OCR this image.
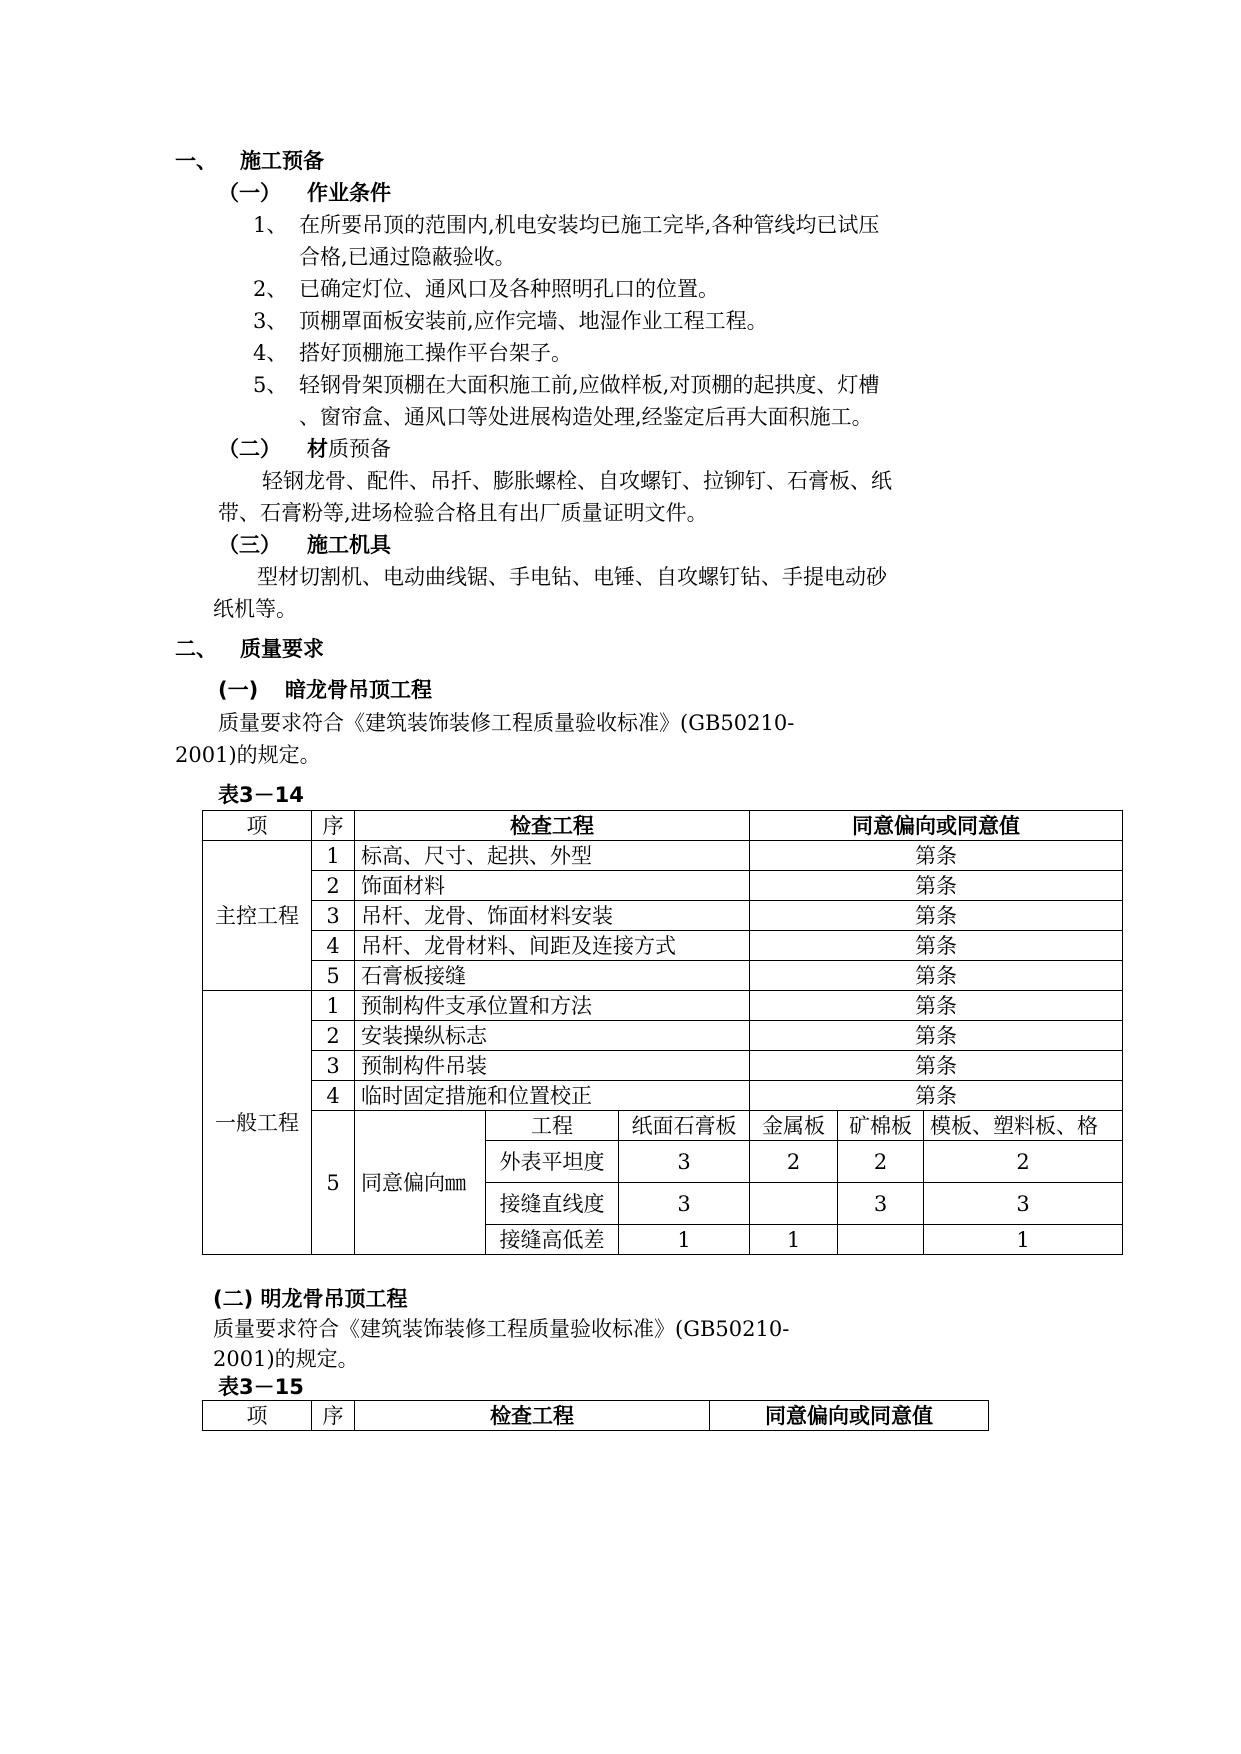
一、 施工预备
（一） 作业条件
1、 在所要吊顶的范围内,机电安装均已施工完毕,各种管线均已试压
合格,已通过隐蔽验收。
2、 已确定灯位、通风口及各种照明孔口的位置。
3、 顶棚罩面板安装前,应作完墙、地湿作业工程工程。
4、 搭好顶棚施工操作平台架子。
5、 轻钢骨架顶棚在大面积施工前,应做样板,对顶棚的起拱度、灯槽
、窗帘盒、通风口等处进展构造处理,经鉴定后再大面积施工。
（二） 材质预备
轻钢龙骨、配件、吊扦、膨胀螺栓、自攻螺钉、拉铆钉、石膏板、纸
带、石膏粉等,进场检验合格且有出厂质量证明文件。
（三） 施工机具
型材切割机、电动曲线锯、手电钻、电锤、自攻螺钉钻、手提电动砂
纸机等。
二、 质量要求
(一) 暗龙骨吊顶工程
质量要求符合《建筑装饰装修工程质量验收标准》(GB50210-
2001)的规定。
表3－14
项	序	检查工程			同意偏向或同意值		
主控工程	1	标高、尺寸、起拱、外型			第条		
	2	饰面材料			第条		
	3	吊杆、龙骨、饰面材料安装			第条		
	4	吊杆、龙骨材料、间距及连接方式			第条		
	5	石膏板接缝			第条		
一般工程	1	预制构件支承位置和方法			第条		
	2	安装操纵标志			第条		
	3	预制构件吊装			第条		
	4	临时固定措施和位置校正			第条		
	5	同意偏向㎜	工程	纸面石膏板	金属板	矿棉板	模板、塑料板、格
			外表平坦度	3	2	2	2
			接缝直线度	3		3	3
			接缝高低差	1	1		1
(二) 明龙骨吊顶工程
质量要求符合《建筑装饰装修工程质量验收标准》(GB50210-
2001)的规定。
表3－15
项	序	检查工程	同意偏向或同意值
